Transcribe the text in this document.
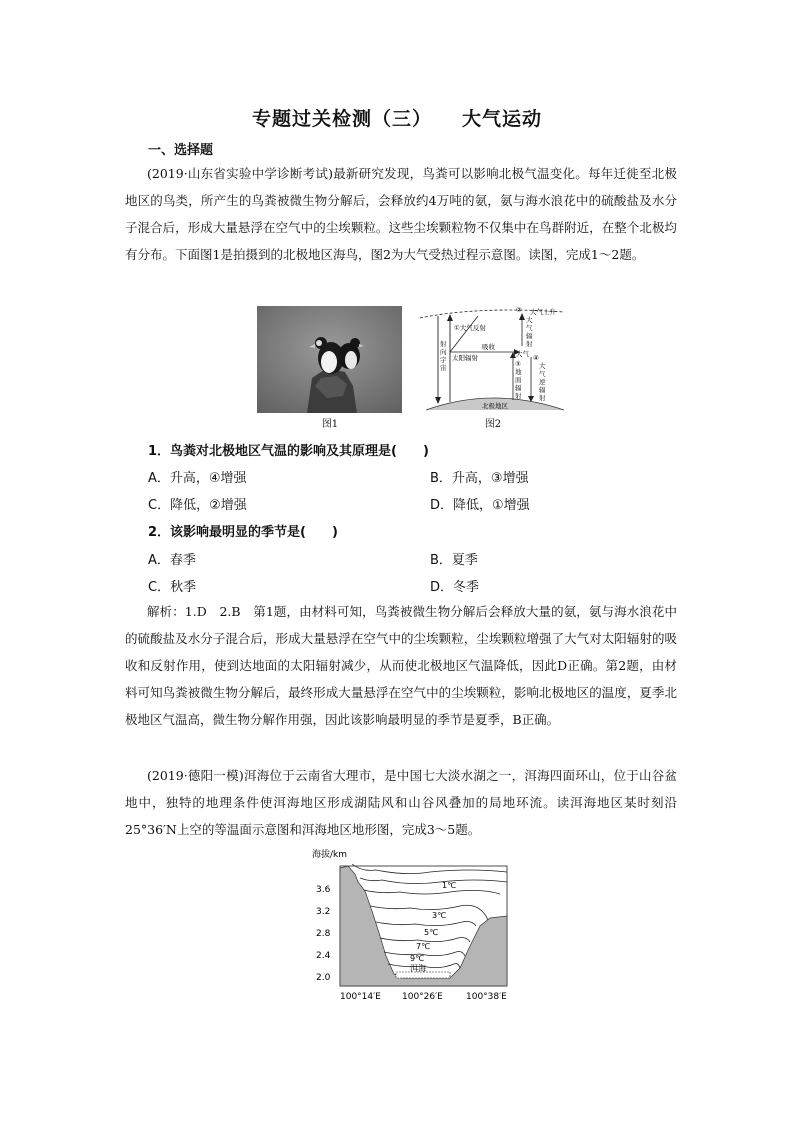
专题过关检测（三） 大气运动
一、选择题
(2019·山东省实验中学诊断考试)最新研究发现，鸟粪可以影响北极气温变化。每年迁徙至北极地区的鸟类，所产生的鸟粪被微生物分解后，会释放约4万吨的氨，氨与海水浪花中的硫酸盐及水分子混合后，形成大量悬浮在空气中的尘埃颗粒。这些尘埃颗粒物不仅集中在鸟群附近，在整个北极均有分布。下面图1是拍摄到的北极地区海鸟，图2为大气受热过程示意图。读图，完成1～2题。
图1
大气上升
①大气反射
②
吸收
大气 ④
北极地区
太阳辐射
射向宇宙
大气辐射
③地面辐射
大气逆辐射
图2
1．鸟粪对北极地区气温的影响及其原理是(　　)
A．升高，④增强	B．升高，③增强
C．降低，②增强	D．降低，①增强
2．该影响最明显的季节是(　　)
A．春季	B．夏季
C．秋季	D．冬季
解析：1.D　2.B　第1题，由材料可知，鸟粪被微生物分解后会释放大量的氨，氨与海水浪花中的硫酸盐及水分子混合后，形成大量悬浮在空气中的尘埃颗粒，尘埃颗粒增强了大气对太阳辐射的吸收和反射作用，使到达地面的太阳辐射减少，从而使北极地区气温降低，因此D正确。第2题，由材料可知鸟粪被微生物分解后，最终形成大量悬浮在空气中的尘埃颗粒，影响北极地区的温度，夏季北极地区气温高，微生物分解作用强，因此该影响最明显的季节是夏季，B正确。
(2019·德阳一模)洱海位于云南省大理市，是中国七大淡水湖之一，洱海四面环山，位于山谷盆地中，独特的地理条件使洱海地区形成湖陆风和山谷风叠加的局地环流。读洱海地区某时刻沿25°36′N上空的等温面示意图和洱海地区地形图，完成3～5题。
海拔/km
1℃
3℃
5℃
7℃
9℃
洱海
3.6
3.2
2.8
2.4
2.0
100°14′E 100°26′E	100°38′E
